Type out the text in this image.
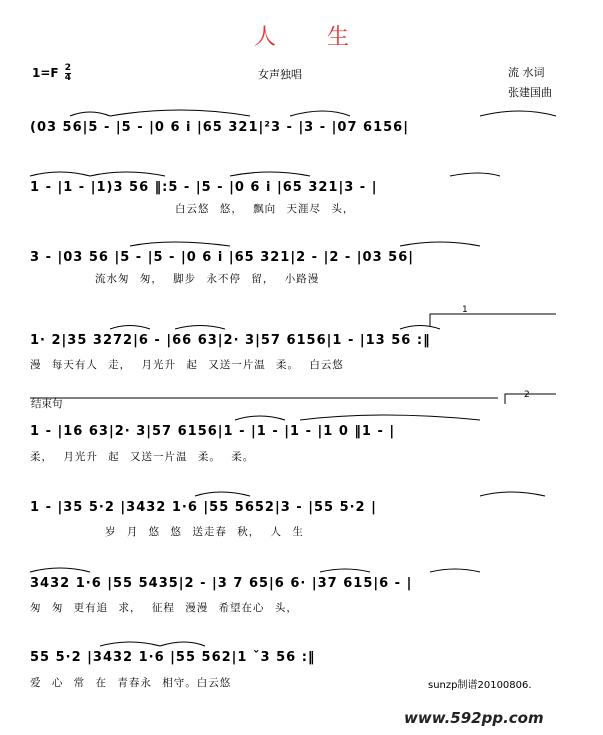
人 生
$1=F \frac{2}{4}$	女声独唱	流 水词
张建国曲
(03 56|5 - |5 - |0 6 i |65 321|²3 - |3 - |07 6156|
1 - |1 - |1)3 56 ‖:5 - |5 - |0 6 i |65 321|3 - |
白云悠 悠， 飘向 天涯尽 头，
3 - |03 56 |5 - |5 - |0 6 i |65 321|2 - |2 - |03 56|
流水匆 匆， 脚步 永不停 留， 小路漫
1· 2|35 3272|6 - |66 63|2· 3|57 6156|1 - |13 56 :‖
漫 每天有人 走， 月光升 起 又送一片温 柔。 白云悠
结束句
1 - |16 63|2· 3|57 6156|1 - |1 - |1 - |1 0 ‖1 - |
柔， 月光升 起 又送一片温 柔。 柔。
1 - |35 5·2 |3432 1·6 |55 5652|3 - |55 5·2 |
岁 月 悠 悠 送走春 秋， 人 生
3432 1·6 |55 5435|2 - |3 7 65|6 6· |37 615|6 - |
匆 匆 更有追 求， 征程 漫漫 希望在心 头，
55 5·2 |3432 1·6 |55 562|1 ˇ3 56 :‖
爱 心 常 在 青春永 相守。白云悠	sunzp制谱20100806.
www.592pp.com
1
2
